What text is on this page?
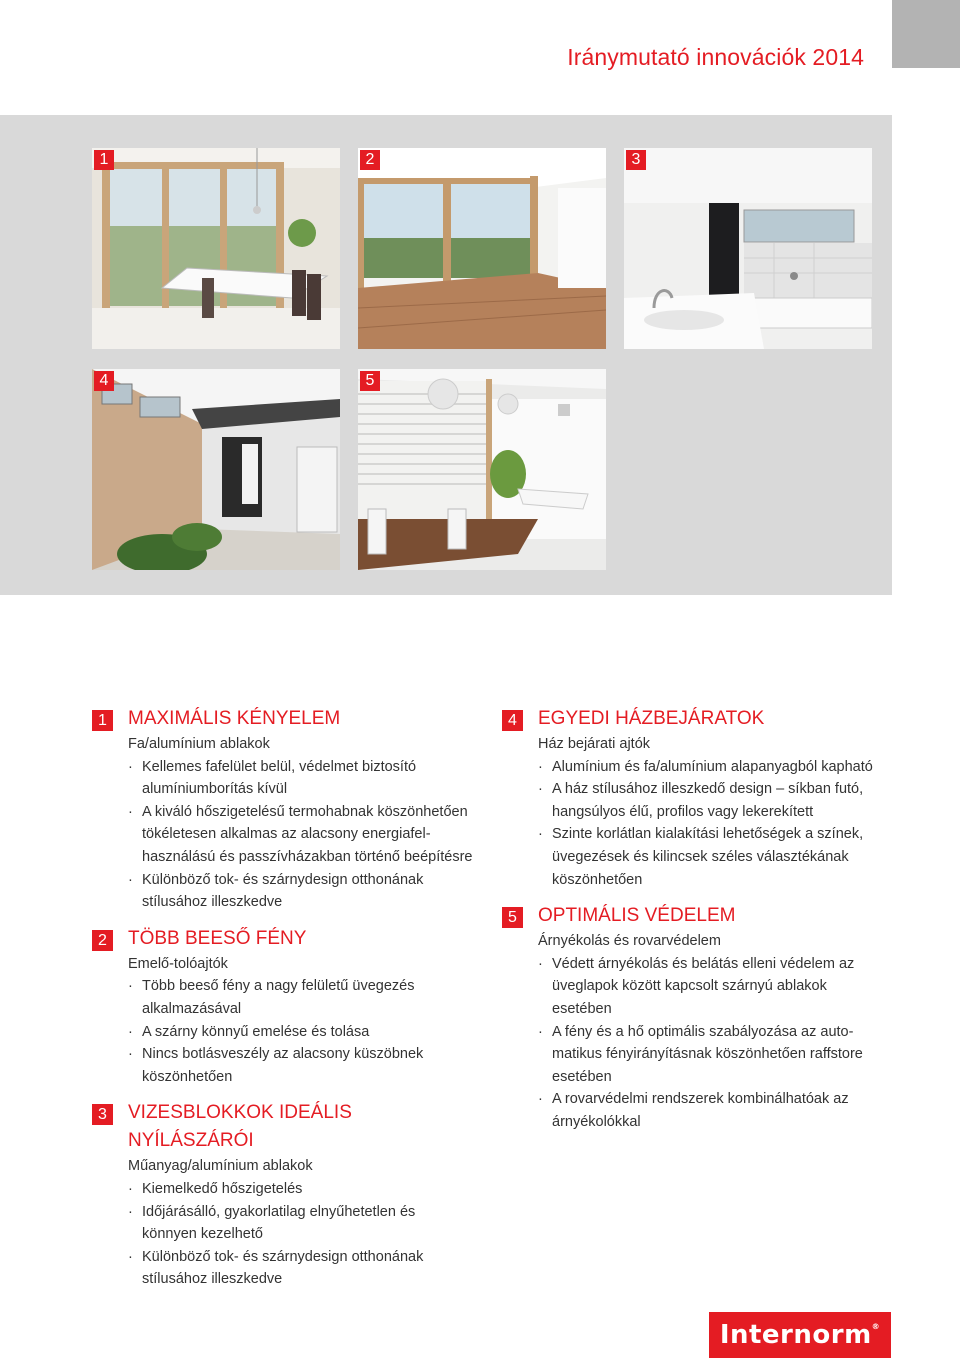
Iránymutató innovációk 2014
1	2	3
4	5
1	MAXIMÁLIS KÉNYELEM
Fa/alumínium ablakok
· Kellemes fafelület belül, védelmet biztosító alumíniumborítás kívül
· A kiváló hőszigetelésű termohabnak köszönhetően tökéletesen alkalmas az alacsony energiafel-használású és passzívházakban történő beépítésre
· Különböző tok- és szárnydesign otthonának stílusához illeszkedve
2	TÖBB BEESŐ FÉNY
Emelő-tolóajtók
· Több beeső fény a nagy felületű üvegezés alkalmazásával
· A szárny könnyű emelése és tolása
· Nincs botlásveszély az alacsony küszöbnek köszönhetően
3	VIZESBLOKKOK IDEÁLIS NYÍLÁSZÁRÓI
Műanyag/alumínium ablakok
· Kiemelkedő hőszigetelés
· Időjárásálló, gyakorlatilag elnyűhetetlen és könnyen kezelhető
· Különböző tok- és szárnydesign otthonának stílusához illeszkedve
4	EGYEDI HÁZBEJÁRATOK
Ház bejárati ajtók
· Alumínium és fa/alumínium alapanyagból kapható
· A ház stílusához illeszkedő design – síkban futó, hangsúlyos élű, profilos vagy lekerekített
· Szinte korlátlan kialakítási lehetőségek a színek, üvegezések és kilincsek széles választékának köszönhetően
5	OPTIMÁLIS VÉDELEM
Árnyékolás és rovarvédelem
· Védett árnyékolás és belátás elleni védelem az üveglapok között kapcsolt szárnyú ablakok esetében
· A fény és a hő optimális szabályozása az auto-matikus fényirányításnak köszönhetően raffstore esetében
· A rovarvédelmi rendszerek kombinálhatóak az árnyékolókkal
Internorm®
